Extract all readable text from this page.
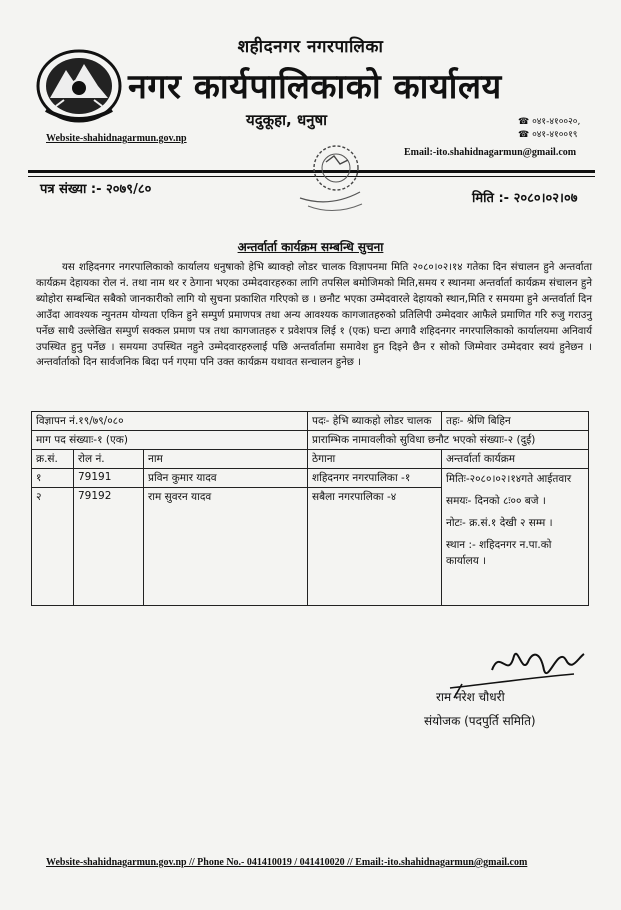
शहीदनगर नगरपालिका
नगर कार्यपालिकाको कार्यालय
यदुकूहा, धनुषा	☎ ०४१-४१००२०,
☎ ०४१-४१००१९
Website-shahidnagarmun.gov.np
Email:-ito.shahidnagarmun@gmail.com
पत्र संख्या :- २०७९/८०
मिति :- २०८०।०२।०७
अन्तर्वार्ता कार्यक्रम सम्बन्धि सुचना
यस शहिदनगर नगरपालिकाको कार्यालय धनुषाको हेभि ब्याक्हो लोडर चालक विज्ञापनमा मिति २०८०।०२।१४ गतेका दिन संचालन हुने अन्तर्वाता कार्यक्रम देहायका रोल नं. तथा नाम थर र ठेगाना भएका उम्मेदवारहरुका लागि तपसिल बमोजिमको मिति,समय र स्थानमा अन्तर्वार्ता कार्यक्रम संचालन हुने ब्योहोरा सम्बन्धित सबैको जानकारीको लागि यो सुचना प्रकाशित गरिएको छ । छनौट भएका उम्मेदवारले देहायको स्थान,मिति र समयमा हुने अन्तर्वार्ता दिन आउँदा आवश्यक न्युनतम योग्यता एकिन हुने सम्पुर्ण प्रमाणपत्र तथा अन्य आवश्यक कागजातहरुको प्रतिलिपी उम्मेदवार आफैले प्रमाणित गरि रुजु गराउनु पर्नेछ साथै उल्लेखित सम्पुर्ण सक्कल प्रमाण पत्र तथा कागजातहरु र प्रवेशपत्र लिई १ (एक) घन्टा अगावै शहिदनगर नगरपालिकाको कार्यालयमा अनिवार्य उपस्थित हुनु पर्नेछ । समयमा उपस्थित नहुने उम्मेदवारहरुलाई पछि अन्तर्वार्तामा समावेश हुन दिइने छैन र सोको जिम्मेवार उम्मेदवार स्वयं हुनेछन । अन्तर्वार्ताको दिन सार्वजनिक बिदा पर्न गएमा पनि उक्त कार्यक्रम यथावत सन्चालन हुनेछ ।
विज्ञापन नं.१९/७९/०८०			पदः- हेभि ब्याकहो लोडर चालक	तहः- श्रेणि बिहिन
माग पद संख्याः-१ (एक)			प्राराम्भिक नामावलीको सुविधा छनौट भएको संख्याः-२ (दुई)	
क्र.सं.	रोल नं.	नाम	ठेगाना	अन्तर्वार्ता कार्यक्रम
१	79191	प्रविन कुमार यादव	शहिदनगर नगरपालिका -१	मितिः-२०८०।०२।१४गते आईतवार

समयः- दिनको ८ः०० बजे ।

नोटः- क्र.सं.१ देखी २ सम्म ।

स्थान :- शहिदनगर न.पा.को कार्यालय ।

२	79192	राम सुवरन यादव	सबैला नगरपालिका -४	
राम नरेश चौधरी
संयोजक (पदपुर्ति समिति)
Website-shahidnagarmun.gov.np // Phone No.- 041410019 / 041410020 // Email:-ito.shahidnagarmun@gmail.com
